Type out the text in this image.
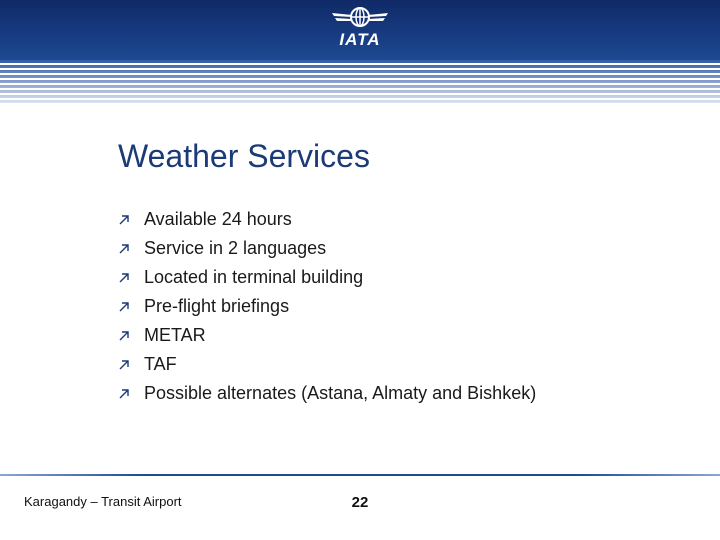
IATA
Weather Services
Available 24 hours
Service in 2 languages
Located in terminal building
Pre-flight briefings
METAR
TAF
Possible alternates (Astana, Almaty and Bishkek)
Karagandy – Transit Airport	22
